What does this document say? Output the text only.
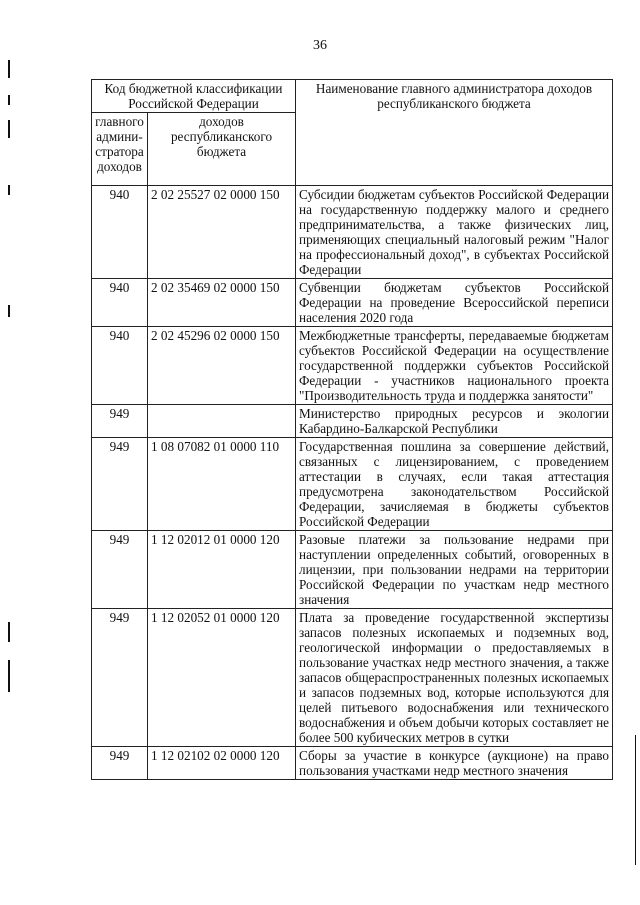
36
Код бюджетной классификации Российской Федерации		Наименование главного администратора доходов республиканского бюджета
главного админи-стратора доходов	доходов республиканского бюджета	
940	2 02 25527 02 0000 150	Субсидии бюджетам субъектов Российской Федерации на государственную поддержку малого и среднего предпринимательства, а также физических лиц, применяющих специальный налоговый режим "Налог на профессиональный доход", в субъектах Российской Федерации
940	2 02 35469 02 0000 150	Субвенции бюджетам субъектов Российской Федерации на проведение Всероссийской переписи населения 2020 года
940	2 02 45296 02 0000 150	Межбюджетные трансферты, передаваемые бюджетам субъектов Российской Федерации на осуществление государственной поддержки субъектов Российской Федерации - участников национального проекта "Производительность труда и поддержка занятости"
949		Министерство природных ресурсов и экологии Кабардино-Балкарской Республики
949	1 08 07082 01 0000 110	Государственная пошлина за совершение действий, связанных с лицензированием, с проведением аттестации в случаях, если такая аттестация предусмотрена законодательством Российской Федерации, зачисляемая в бюджеты субъектов Российской Федерации
949	1 12 02012 01 0000 120	Разовые платежи за пользование недрами при наступлении определенных событий, оговоренных в лицензии, при пользовании недрами на территории Российской Федерации по участкам недр местного значения
949	1 12 02052 01 0000 120	Плата за проведение государственной экспертизы запасов полезных ископаемых и подземных вод, геологической информации о предоставляемых в пользование участках недр местного значения, а также запасов общераспространенных полезных ископаемых и запасов подземных вод, которые используются для целей питьевого водоснабжения или технического водоснабжения и объем добычи которых составляет не более 500 кубических метров в сутки
949	1 12 02102 02 0000 120	Сборы за участие в конкурсе (аукционе) на право пользования участками недр местного значения
